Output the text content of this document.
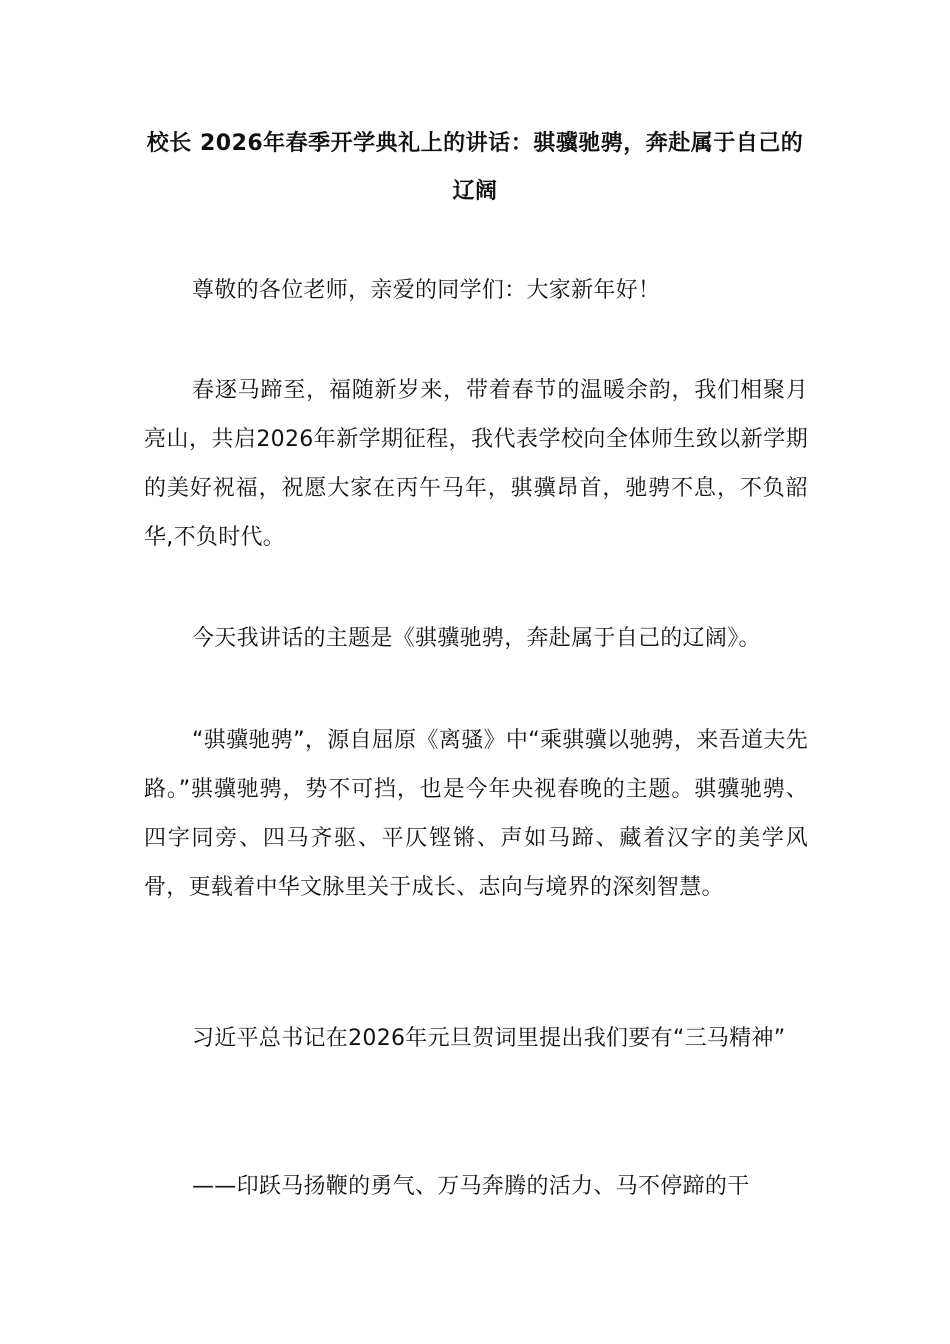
校长 2026年春季开学典礼上的讲话：骐骥驰骋，奔赴属于自己的辽阔
尊敬的各位老师，亲爱的同学们：大家新年好！
春逐马蹄至，福随新岁来，带着春节的温暖余韵，我们相聚月亮山，共启2026年新学期征程，我代表学校向全体师生致以新学期的美好祝福，祝愿大家在丙午马年，骐骥昂首，驰骋不息，不负韶华,不负时代。
今天我讲话的主题是《骐骥驰骋，奔赴属于自己的辽阔》。
“骐骥驰骋”，源自屈原《离骚》中“乘骐骥以驰骋，来吾道夫先路。”骐骥驰骋，势不可挡，也是今年央视春晚的主题。骐骥驰骋、四字同旁、四马齐驱、平仄铿锵、声如马蹄、藏着汉字的美学风骨，更载着中华文脉里关于成长、志向与境界的深刻智慧。
习近平总书记在2026年元旦贺词里提出我们要有“三马精神”
——印跃马扬鞭的勇气、万马奔腾的活力、马不停蹄的干
